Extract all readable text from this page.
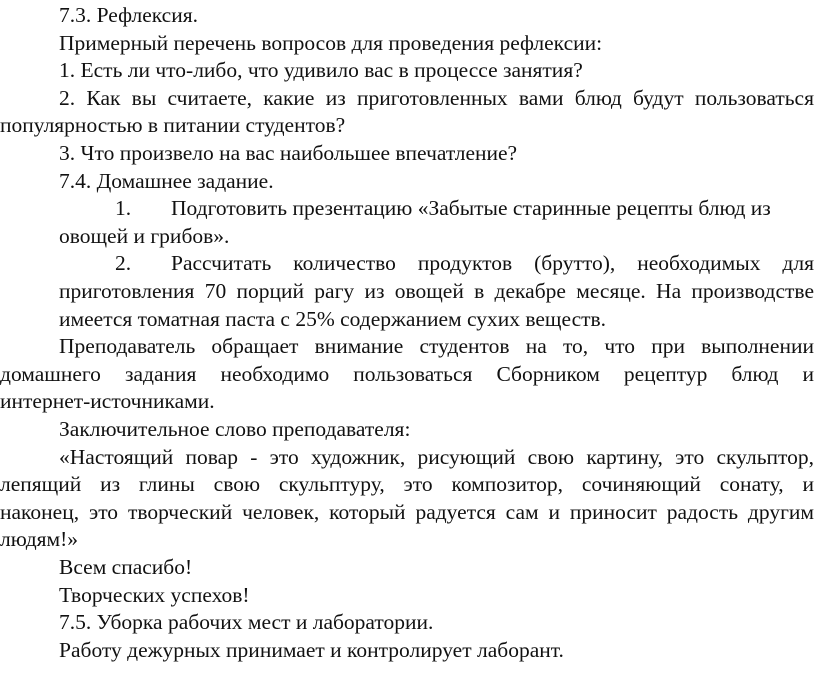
7.3. Рефлексия.
Примерный перечень вопросов для проведения рефлексии:
1. Есть ли что-либо, что удивило вас в процессе занятия?
2. Как вы считаете, какие из приготовленных вами блюд будут пользоваться
популярностью в питании студентов?
3. Что произвело на вас наибольшее впечатление?
7.4. Домашнее задание.
1. Подготовить презентацию «Забытые старинные рецепты блюд из
овощей и грибов».
2. Рассчитать количество продуктов (брутто), необходимых для
приготовления 70 порций рагу из овощей в декабре месяце. На производстве
имеется томатная паста с 25% содержанием сухих веществ.
Преподаватель обращает внимание студентов на то, что при выполнении
домашнего задания необходимо пользоваться Сборником рецептур блюд и
интернет-источниками.
Заключительное слово преподавателя:
«Настоящий повар - это художник, рисующий свою картину, это скульптор,
лепящий из глины свою скульптуру, это композитор, сочиняющий сонату, и
наконец, это творческий человек, который радуется сам и приносит радость другим
людям!»
Всем спасибо!
Творческих успехов!
7.5. Уборка рабочих мест и лаборатории.
Работу дежурных принимает и контролирует лаборант.
